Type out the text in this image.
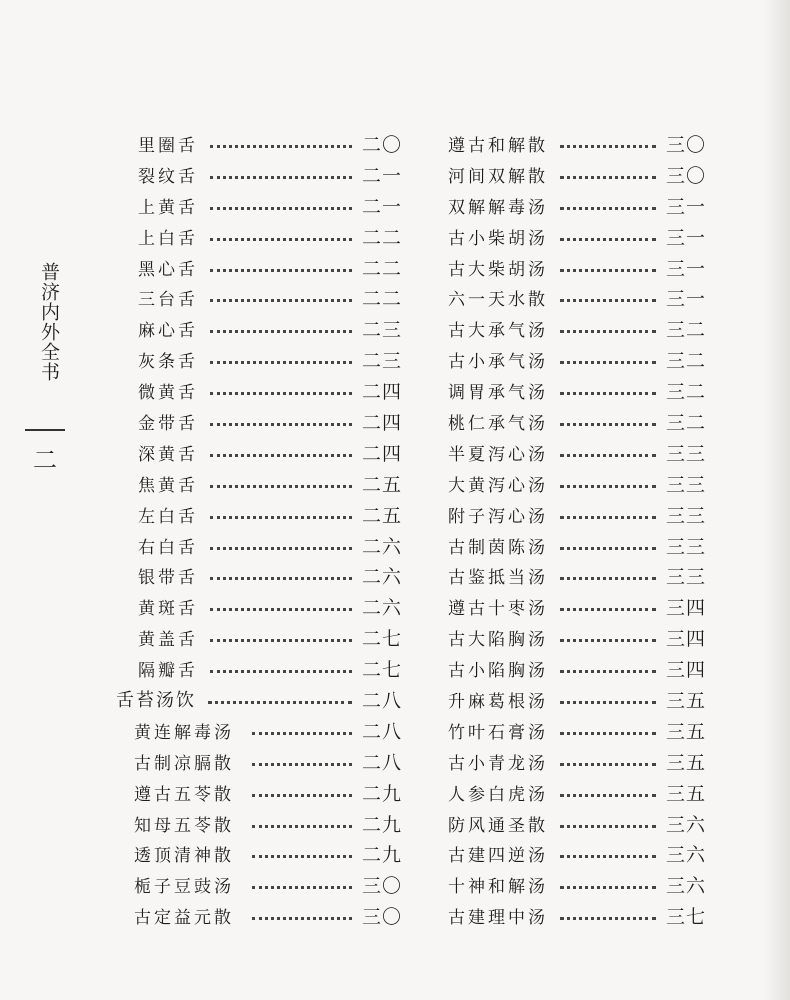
普济内外全书
二
里圈舌	二〇
裂纹舌	二一
上黄舌	二一
上白舌	二二
黑心舌	二二
三台舌	二二
麻心舌	二三
灰条舌	二三
微黄舌	二四
金带舌	二四
深黄舌	二四
焦黄舌	二五
左白舌	二五
右白舌	二六
银带舌	二六
黄斑舌	二六
黄盖舌	二七
隔瓣舌	二七
舌苔汤饮	二八
黄连解毒汤	二八
古制凉膈散	二八
遵古五苓散	二九
知母五苓散	二九
透顶清神散	二九
栀子豆豉汤	三〇
古定益元散	三〇
遵古和解散	三〇
河间双解散	三〇
双解解毒汤	三一
古小柴胡汤	三一
古大柴胡汤	三一
六一天水散	三一
古大承气汤	三二
古小承气汤	三二
调胃承气汤	三二
桃仁承气汤	三二
半夏泻心汤	三三
大黄泻心汤	三三
附子泻心汤	三三
古制茵陈汤	三三
古鉴抵当汤	三三
遵古十枣汤	三四
古大陷胸汤	三四
古小陷胸汤	三四
升麻葛根汤	三五
竹叶石膏汤	三五
古小青龙汤	三五
人参白虎汤	三五
防风通圣散	三六
古建四逆汤	三六
十神和解汤	三六
古建理中汤	三七
